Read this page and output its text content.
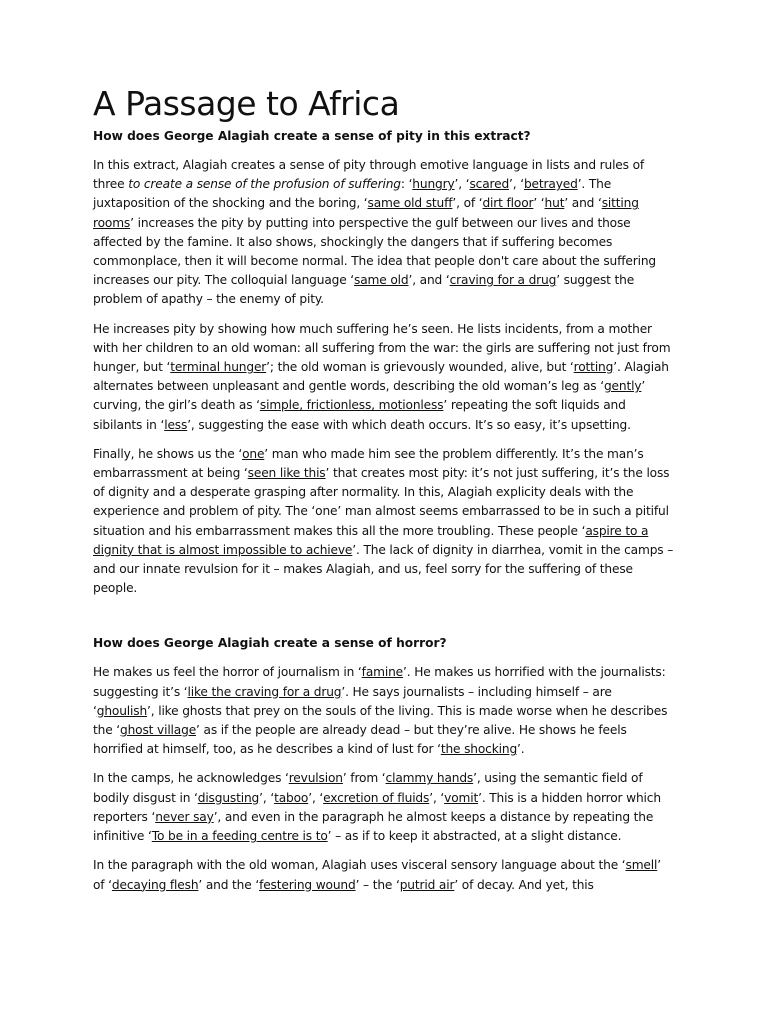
A Passage to Africa

How does George Alagiah create a sense of pity in this extract?

In this extract, Alagiah creates a sense of pity through emotive language in lists and rules of three to create a sense of the profusion of suffering: ‘hungry’, ‘scared’, ‘betrayed’. The juxtaposition of the shocking and the boring, ‘same old stuff’, of ‘dirt floor’ ‘hut’ and ‘sitting rooms’ increases the pity by putting into perspective the gulf between our lives and those affected by the famine. It also shows, shockingly the dangers that if suffering becomes commonplace, then it will become normal. The idea that people don't care about the suffering increases our pity. The colloquial language ‘same old’, and ‘craving for a drug’ suggest the problem of apathy – the enemy of pity.

He increases pity by showing how much suffering he’s seen. He lists incidents, from a mother with her children to an old woman: all suffering from the war: the girls are suffering not just from hunger, but ‘terminal hunger’; the old woman is grievously wounded, alive, but ‘rotting’. Alagiah alternates between unpleasant and gentle words, describing the old woman’s leg as ‘gently’ curving, the girl’s death as ‘simple, frictionless, motionless’ repeating the soft liquids and sibilants in ‘less’, suggesting the ease with which death occurs. It’s so easy, it’s upsetting.

Finally, he shows us the ‘one’ man who made him see the problem differently. It’s the man’s embarrassment at being ‘seen like this’ that creates most pity: it’s not just suffering, it’s the loss of dignity and a desperate grasping after normality. In this, Alagiah explicity deals with the experience and problem of pity. The ‘one’ man almost seems embarrassed to be in such a pitiful situation and his embarrassment makes this all the more troubling. These people ‘aspire to a dignity that is almost impossible to achieve’. The lack of dignity in diarrhea, vomit in the camps – and our innate revulsion for it – makes Alagiah, and us, feel sorry for the suffering of these people.

How does George Alagiah create a sense of horror?

He makes us feel the horror of journalism in ‘famine’. He makes us horrified with the journalists: suggesting it’s ‘like the craving for a drug’. He says journalists – including himself – are ‘ghoulish’, like ghosts that prey on the souls of the living. This is made worse when he describes the ‘ghost village’ as if the people are already dead – but they’re alive. He shows he feels horrified at himself, too, as he describes a kind of lust for ‘the shocking’.

In the camps, he acknowledges ‘revulsion’ from ‘clammy hands’, using the semantic field of bodily disgust in ‘disgusting’, ‘taboo’, ‘excretion of fluids’, ‘vomit’. This is a hidden horror which reporters ‘never say’, and even in the paragraph he almost keeps a distance by repeating the infinitive ‘To be in a feeding centre is to’ – as if to keep it abstracted, at a slight distance.

In the paragraph with the old woman, Alagiah uses visceral sensory language about the ‘smell’ of ‘decaying flesh’ and the ‘festering wound’ – the ‘putrid air’ of decay. And yet, this
